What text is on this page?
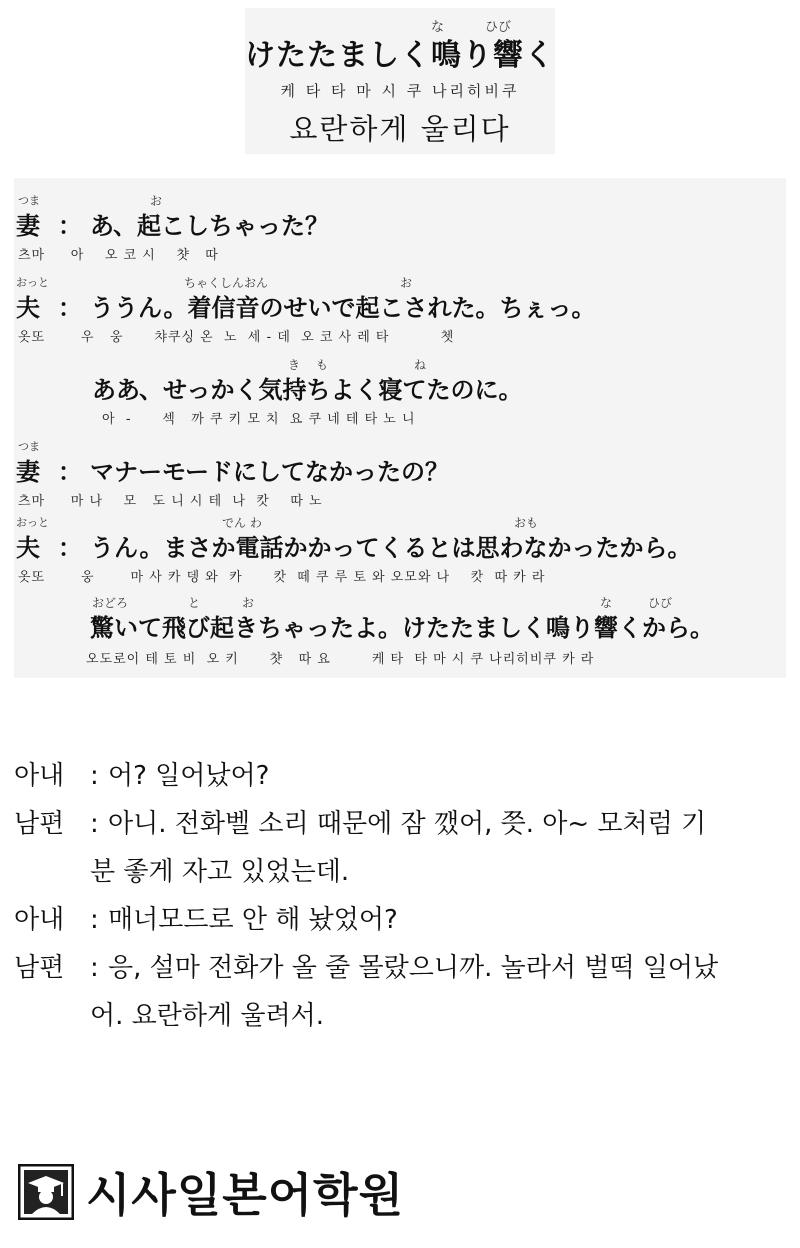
な	ひび
けたたましく鳴り響く
케 타 타 마 시 쿠 나리히비쿠
요란하게 울리다
つま
妻 ：
お
あ、起こしちゃった？
츠마     아    오 코 시    챳   따
おっと
夫 ：
ちゃくしんおん	お
ううん。着信音のせいで起こされた。ちぇっ。
옷또       우   웅      챠쿠싱 온  노  세 - 데  오 코 사 레 타          쳇
き も	ね
ああ、せっかく気持ちよく寝てたのに。
아  -      섹   까 쿠 키 모 치  요 쿠 네 테 타 노 니
つま
妻 ： マナーモードにしてなかったの？
츠마     마 나    모   도 니 시 테  나  캇    따 노
おっと
夫 ：
でん わ	おも
うん。まさか電話かかってくるとは思わなかったから。
옷또       웅       마 사 카 뎅 와  카      캇  떼 쿠 루 토 와 오모와 나    캇  따 카 라
おどろ	と	お	な	ひび
驚いて飛び起きちゃったよ。けたたましく鳴り響くから。
오도로이 테 토 비  오 키      챳   따 요        케 타  타 마 시 쿠 나리히비쿠 카 라
아내 : 어? 일어났어?
남편 : 아니. 전화벨 소리 때문에 잠 깼어, 쯧. 아~ 모처럼 기
분 좋게 자고 있었는데.
아내 : 매너모드로 안 해 놨었어?
남편 : 응, 설마 전화가 올 줄 몰랐으니까. 놀라서 벌떡 일어났
어. 요란하게 울려서.
시사일본어학원
